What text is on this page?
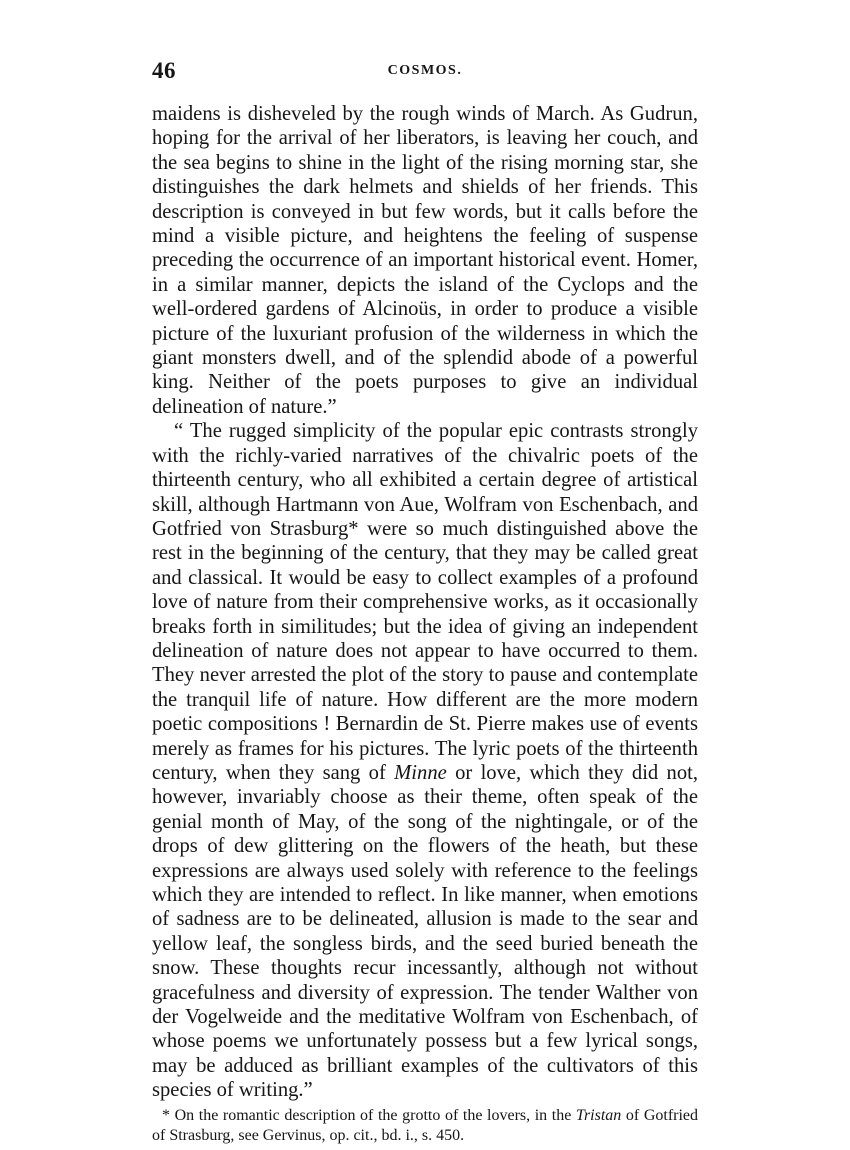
46	COSMOS.

maidens is disheveled by the rough winds of March. As Gudrun, hoping for the arrival of her liberators, is leaving her couch, and the sea begins to shine in the light of the rising morning star, she distinguishes the dark helmets and shields of her friends. This description is conveyed in but few words, but it calls before the mind a visible picture, and heightens the feeling of suspense preceding the occurrence of an important historical event. Homer, in a similar manner, depicts the island of the Cyclops and the well-ordered gardens of Alcinoüs, in order to produce a visible picture of the luxuriant profusion of the wilderness in which the giant monsters dwell, and of the splendid abode of a powerful king. Neither of the poets purposes to give an individual delineation of nature.”

“ The rugged simplicity of the popular epic contrasts strongly with the richly-varied narratives of the chivalric poets of the thirteenth century, who all exhibited a certain degree of artistical skill, although Hartmann von Aue, Wolfram von Eschenbach, and Gotfried von Strasburg* were so much distinguished above the rest in the beginning of the century, that they may be called great and classical. It would be easy to collect examples of a profound love of nature from their comprehensive works, as it occasionally breaks forth in similitudes; but the idea of giving an independent delineation of nature does not appear to have occurred to them. They never arrested the plot of the story to pause and contemplate the tranquil life of nature. How different are the more modern poetic compositions ! Bernardin de St. Pierre makes use of events merely as frames for his pictures. The lyric poets of the thirteenth century, when they sang of Minne or love, which they did not, however, invariably choose as their theme, often speak of the genial month of May, of the song of the nightingale, or of the drops of dew glittering on the flowers of the heath, but these expressions are always used solely with reference to the feelings which they are intended to reflect. In like manner, when emotions of sadness are to be delineated, allusion is made to the sear and yellow leaf, the songless birds, and the seed buried beneath the snow. These thoughts recur incessantly, although not without gracefulness and diversity of expression. The tender Walther von der Vogelweide and the meditative Wolfram von Eschenbach, of whose poems we unfortunately possess but a few lyrical songs, may be adduced as brilliant examples of the cultivators of this species of writing.”

* On the romantic description of the grotto of the lovers, in the Tristan of Gotfried of Strasburg, see Gervinus, op. cit., bd. i., s. 450.
